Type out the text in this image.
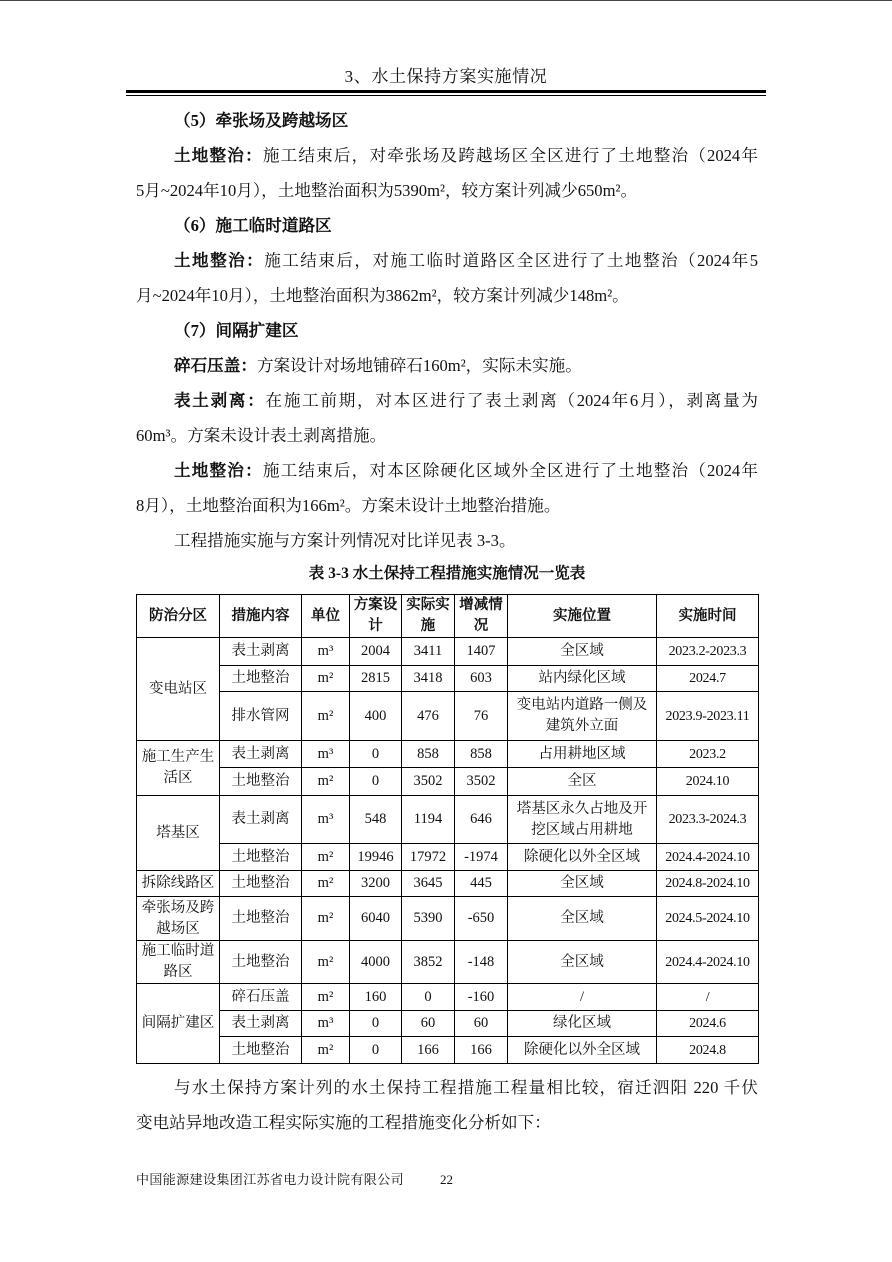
3、水土保持方案实施情况
（5）牵张场及跨越场区
土地整治：施工结束后，对牵张场及跨越场区全区进行了土地整治（2024年
5月~2024年10月），土地整治面积为5390m²，较方案计列减少650m²。
（6）施工临时道路区
土地整治：施工结束后，对施工临时道路区全区进行了土地整治（2024年5
月~2024年10月），土地整治面积为3862m²，较方案计列减少148m²。
（7）间隔扩建区
碎石压盖：方案设计对场地铺碎石160m²，实际未实施。
表土剥离：在施工前期，对本区进行了表土剥离（2024年6月），剥离量为
60m³。方案未设计表土剥离措施。
土地整治：施工结束后，对本区除硬化区域外全区进行了土地整治（2024年
8月），土地整治面积为166m²。方案未设计土地整治措施。
工程措施实施与方案计列情况对比详见表 3-3。
表 3-3 水土保持工程措施实施情况一览表
防治分区	措施内容	单位	方案设计	实际实施	增减情况	实施位置	实施时间
变电站区	表土剥离	m³	2004	3411	1407	全区域	2023.2-2023.3
	土地整治	m²	2815	3418	603	站内绿化区域	2024.7
	排水管网	m²	400	476	76	变电站内道路一侧及建筑外立面	2023.9-2023.11
施工生产生活区	表土剥离	m³	0	858	858	占用耕地区域	2023.2
	土地整治	m²	0	3502	3502	全区	2024.10
塔基区	表土剥离	m³	548	1194	646	塔基区永久占地及开挖区域占用耕地	2023.3-2024.3
	土地整治	m²	19946	17972	-1974	除硬化以外全区域	2024.4-2024.10
拆除线路区	土地整治	m²	3200	3645	445	全区域	2024.8-2024.10
牵张场及跨越场区	土地整治	m²	6040	5390	-650	全区域	2024.5-2024.10
施工临时道路区	土地整治	m²	4000	3852	-148	全区域	2024.4-2024.10
间隔扩建区	碎石压盖	m²	160	0	-160	/	/
	表土剥离	m³	0	60	60	绿化区域	2024.6
	土地整治	m²	0	166	166	除硬化以外全区域	2024.8
与水土保持方案计列的水土保持工程措施工程量相比较，宿迁泗阳 220 千伏
变电站异地改造工程实际实施的工程措施变化分析如下：
中国能源建设集团江苏省电力设计院有限公司	22
